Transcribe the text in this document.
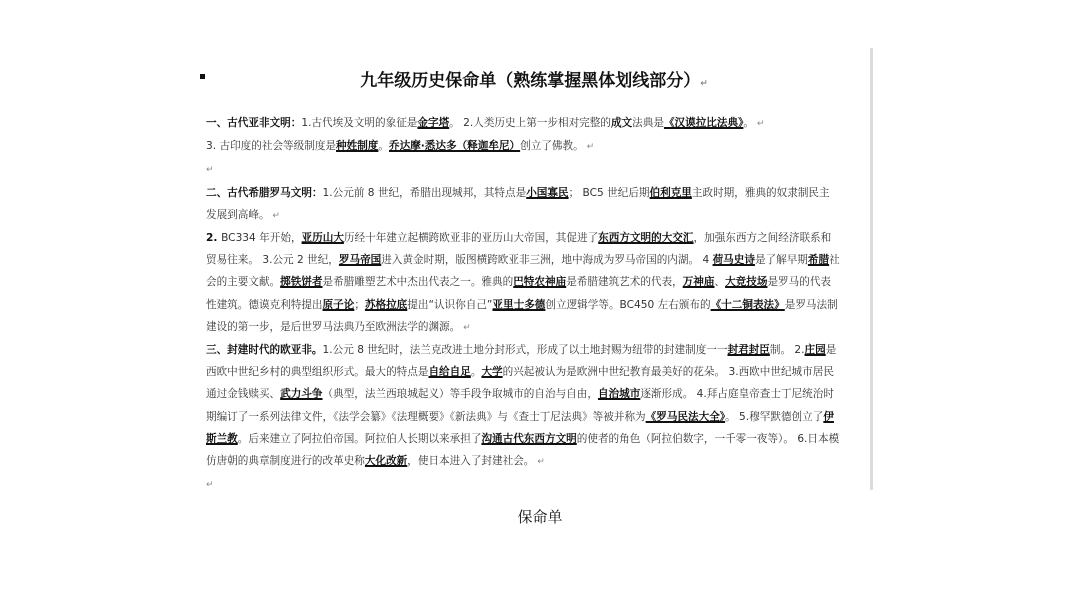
九年级历史保命单（熟练掌握黑体划线部分）↵

一、古代亚非文明：1.古代埃及文明的象征是金字塔。 2.人类历史上第一步相对完整的成文法典是《汉谟拉比法典》。 ↵

3. 古印度的社会等级制度是种姓制度。乔达摩·悉达多（释迦牟尼）创立了佛教。 ↵

↵

二、古代希腊罗马文明：1.公元前 8 世纪，希腊出现城邦，其特点是小国寡民； BC5 世纪后期伯利克里主政时期，雅典的奴隶制民主发展到高峰。 ↵

2. BC334 年开始，亚历山大历经十年建立起横跨欧亚非的亚历山大帝国，其促进了东西方文明的大交汇，加强东西方之间经济联系和贸易往来。 3.公元 2 世纪，罗马帝国进入黄金时期，版图横跨欧亚非三洲，地中海成为罗马帝国的内湖。 4 荷马史诗是了解早期希腊社会的主要文献。掷铁饼者是希腊雕塑艺术中杰出代表之一。雅典的巴特农神庙是希腊建筑艺术的代表，万神庙、大竞技场是罗马的代表性建筑。德谟克利特提出原子论；苏格拉底提出“认识你自己”亚里士多德创立逻辑学等。BC450 左右颁布的《十二铜表法》是罗马法制建设的第一步，是后世罗马法典乃至欧洲法学的渊源。 ↵

三、封建时代的欧亚非。1.公元 8 世纪时，法兰克改进土地分封形式，形成了以土地封赐为纽带的封建制度一一封君封臣制。 2.庄园是西欧中世纪乡村的典型组织形式。最大的特点是自给自足。大学的兴起被认为是欧洲中世纪教育最美好的花朵。 3.西欧中世纪城市居民通过金钱赎买、武力斗争（典型，法兰西琅城起义）等手段争取城市的自治与自由，自治城市逐渐形成。 4.拜占庭皇帝查士丁尼统治时期编订了一系列法律文件，《法学会纂》《法理概要》《新法典》与《查士丁尼法典》等被并称为《罗马民法大全》。 5.穆罕默德创立了伊斯兰教。后来建立了阿拉伯帝国。阿拉伯人长期以来承担了沟通古代东西方文明的使者的角色（阿拉伯数字，一千零一夜等）。 6.日本模仿唐朝的典章制度进行的改革史称大化改新，使日本进入了封建社会。 ↵

↵

保命单
